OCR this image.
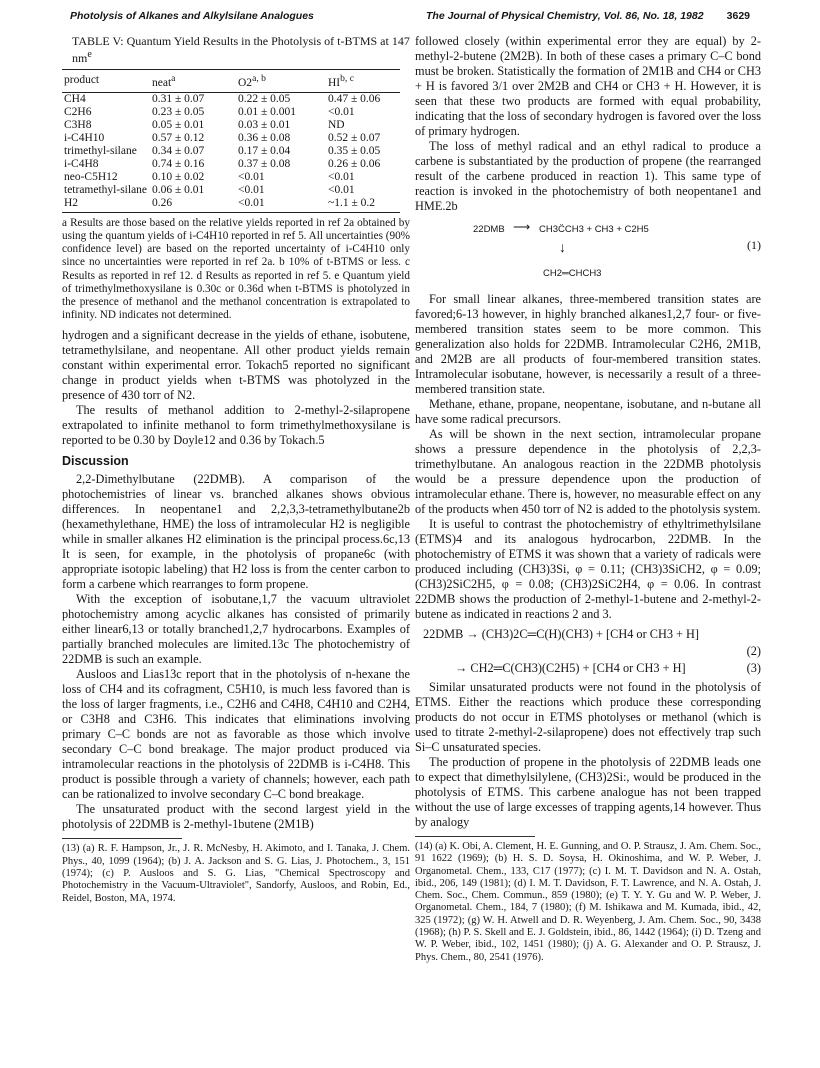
Photolysis of Alkanes and Alkylsilane Analogues	The Journal of Physical Chemistry, Vol. 86, No. 18, 1982 3629
TABLE V: Quantum Yield Results in the Photolysis of t-BTMS at 147 $nm^e$
product	neat$^a$	O2$^{a, b}$	HI$^{b, c}$
CH4	0.31 ± 0.07	0.22 ± 0.05	0.47 ± 0.06
C2H6	0.23 ± 0.05	0.01 ± 0.001	<0.01
C3H8	0.05 ± 0.01	0.03 ± 0.01	ND
i-C4H10	0.57 ± 0.12	0.36 ± 0.08	0.52 ± 0.07
trimethyl-silane	0.34 ± 0.07	0.17 ± 0.04	0.35 ± 0.05
i-C4H8	0.74 ± 0.16	0.37 ± 0.08	0.26 ± 0.06
neo-C5H12	0.10 ± 0.02	<0.01	<0.01
tetramethyl-silane	0.06 ± 0.01	<0.01	<0.01
H2	0.26	<0.01	~1.1 ± 0.2
a Results are those based on the relative yields reported in ref 2a obtained by using the quantum yields of i-C4H10 reported in ref 5. All uncertainties (90% confidence level) are based on the reported uncertainty of i-C4H10 only since no uncertainties were reported in ref 2a. b 10% of t-BTMS or less. c Results as reported in ref 12. d Results as reported in ref 5. e Quantum yield of trimethylmethoxysilane is 0.30c or 0.36d when t-BTMS is photolyzed in the presence of methanol and the methanol concentration is extrapolated to infinity. ND indicates not determined.

hydrogen and a significant decrease in the yields of ethane, isobutene, tetramethylsilane, and neopentane. All other product yields remain constant within experimental error. Tokach5 reported no significant change in product yields when t-BTMS was photolyzed in the presence of 430 torr of N2.

The results of methanol addition to 2-methyl-2-silapropene extrapolated to infinite methanol to form trimethylmethoxysilane is reported to be 0.30 by Doyle12 and 0.36 by Tokach.5

Discussion

2,2-Dimethylbutane (22DMB). A comparison of the photochemistries of linear vs. branched alkanes shows obvious differences. In neopentane1 and 2,2,3,3-tetramethylbutane2b (hexamethylethane, HME) the loss of intramolecular H2 is negligible while in smaller alkanes H2 elimination is the principal process.6c,13 It is seen, for example, in the photolysis of propane6c (with appropriate isotopic labeling) that H2 loss is from the center carbon to form a carbene which rearranges to form propene.

With the exception of isobutane,1,7 the vacuum ultraviolet photochemistry among acyclic alkanes has consisted of primarily either linear6,13 or totally branched1,2,7 hydrocarbons. Examples of partially branched molecules are limited.13c The photochemistry of 22DMB is such an example.

Ausloos and Lias13c report that in the photolysis of n-hexane the loss of CH4 and its cofragment, C5H10, is much less favored than is the loss of larger fragments, i.e., C2H6 and C4H8, C4H10 and C2H4, or C3H8 and C3H6. This indicates that eliminations involving primary C–C bonds are not as favorable as those which involve secondary C–C bond breakage. The major product produced via intramolecular reactions in the photolysis of 22DMB is i-C4H8. This product is possible through a variety of channels; however, each path can be rationalized to involve secondary C–C bond breakage.

The unsaturated product with the second largest yield in the photolysis of 22DMB is 2-methyl-1butene (2M1B)

(13) (a) R. F. Hampson, Jr., J. R. McNesby, H. Akimoto, and I. Tanaka, J. Chem. Phys., 40, 1099 (1964); (b) J. A. Jackson and S. G. Lias, J. Photochem., 3, 151 (1974); (c) P. Ausloos and S. G. Lias, "Chemical Spectroscopy and Photochemistry in the Vacuum-Ultraviolet", Sandorfy, Ausloos, and Robin, Ed., Reidel, Boston, MA, 1974.

followed closely (within experimental error they are equal) by 2-methyl-2-butene (2M2B). In both of these cases a primary C–C bond must be broken. Statistically the formation of 2M1B and CH4 or CH3 + H is favored 3/1 over 2M2B and CH4 or CH3 + H. However, it is seen that these two products are formed with equal probability, indicating that the loss of secondary hydrogen is favored over the loss of primary hydrogen.

The loss of methyl radical and an ethyl radical to produce a carbene is substantiated by the production of propene (the rearranged result of the carbene produced in reaction 1). This same type of reaction is invoked in the photochemistry of both neopentane1 and HME.2b

22DMB ⟶ CH3C̈CH3 + CH3 + C2H5
↓
CH2═CHCH3
(1)

For small linear alkanes, three-membered transition states are favored;6-13 however, in highly branched alkanes1,2,7 four- or five-membered transition states seem to be more common. This generalization also holds for 22DMB. Intramolecular C2H6, 2M1B, and 2M2B are all products of four-membered transition states. Intramolecular isobutane, however, is necessarily a result of a three-membered transition state.

Methane, ethane, propane, neopentane, isobutane, and n-butane all have some radical precursors.

As will be shown in the next section, intramolecular propane shows a pressure dependence in the photolysis of 2,2,3-trimethylbutane. An analogous reaction in the 22DMB photolysis would be a pressure dependence upon the production of intramolecular ethane. There is, however, no measurable effect on any of the products when 450 torr of N2 is added to the photolysis system.

It is useful to contrast the photochemistry of ethyltrimethylsilane (ETMS)4 and its analogous hydrocarbon, 22DMB. In the photochemistry of ETMS it was shown that a variety of radicals were produced including (CH3)3Si, φ = 0.11; (CH3)3SiCH2, φ = 0.09; (CH3)2SiC2H5, φ = 0.08; (CH3)2SiC2H4, φ = 0.06. In contrast 22DMB shows the production of 2-methyl-1-butene and 2-methyl-2-butene as indicated in reactions 2 and 3.

22DMB → (CH3)2C═C(H)(CH3) + [CH4 or CH3 + H]
(2)
→ CH2═C(CH3)(C2H5) + [CH4 or CH3 + H]	(3)

Similar unsaturated products were not found in the photolysis of ETMS. Either the reactions which produce these corresponding products do not occur in ETMS photolyses or methanol (which is used to titrate 2-methyl-2-silapropene) does not effectively trap such Si–C unsaturated species.

The production of propene in the photolysis of 22DMB leads one to expect that dimethylsilylene, (CH3)2Si:, would be produced in the photolysis of ETMS. This carbene analogue has not been trapped without the use of large excesses of trapping agents,14 however. Thus by analogy

(14) (a) K. Obi, A. Clement, H. E. Gunning, and O. P. Strausz, J. Am. Chem. Soc., 91 1622 (1969); (b) H. S. D. Soysa, H. Okinoshima, and W. P. Weber, J. Organometal. Chem., 133, C17 (1977); (c) I. M. T. Davidson and N. A. Ostah, ibid., 206, 149 (1981); (d) I. M. T. Davidson, F. T. Lawrence, and N. A. Ostah, J. Chem. Soc., Chem. Commun., 859 (1980); (e) T. Y. Y. Gu and W. P. Weber, J. Organometal. Chem., 184, 7 (1980); (f) M. Ishikawa and M. Kumada, ibid., 42, 325 (1972); (g) W. H. Atwell and D. R. Weyenberg, J. Am. Chem. Soc., 90, 3438 (1968); (h) P. S. Skell and E. J. Goldstein, ibid., 86, 1442 (1964); (i) D. Tzeng and W. P. Weber, ibid., 102, 1451 (1980); (j) A. G. Alexander and O. P. Strausz, J. Phys. Chem., 80, 2541 (1976).
